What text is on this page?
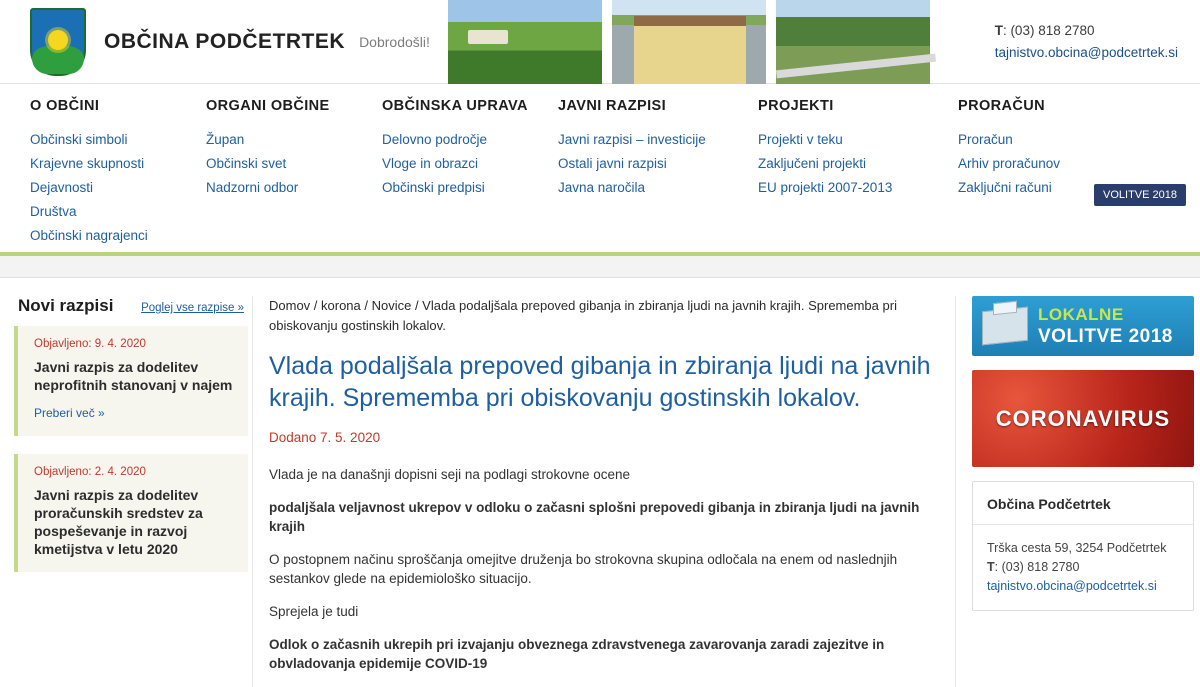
OBČINA PODČETRTEK Dobrodošli!
T: (03) 818 2780
tajnistvo.obcina@podcetrtek.si
O OBČINI
Občinski simboli
Krajevne skupnosti
Dejavnosti
Društva
Občinski nagrajenci
ORGANI OBČINE
Župan
Občinski svet
Nadzorni odbor
OBČINSKA UPRAVA
Delovno področje
Vloge in obrazci
Občinski predpisi
JAVNI RAZPISI
Javni razpisi – investicije
Ostali javni razpisi
Javna naročila
PROJEKTI
Projekti v teku
Zaključeni projekti
EU projekti 2007-2013
PRORAČUN
Proračun
Arhiv proračunov
Zaključni računi	VOLITVE 2018
Novi razpisi Poglej vse razpise »
Objavljeno: 9. 4. 2020
Javni razpis za dodelitev neprofitnih stanovanj v najem
Preberi več »
Objavljeno: 2. 4. 2020
Javni razpis za dodelitev proračunskih sredstev za pospeševanje in razvoj kmetijstva v letu 2020
Domov / korona / Novice / Vlada podaljšala prepoved gibanja in zbiranja ljudi na javnih krajih. Sprememba pri obiskovanju gostinskih lokalov.
Vlada podaljšala prepoved gibanja in zbiranja ljudi na javnih krajih. Sprememba pri obiskovanju gostinskih lokalov.
Dodano 7. 5. 2020

Vlada je na današnji dopisni seji na podlagi strokovne ocene

podaljšala veljavnost ukrepov v odloku o začasni splošni prepovedi gibanja in zbiranja ljudi na javnih krajih

O postopnem načinu sproščanja omejitve druženja bo strokovna skupina odločala na enem od naslednjih sestankov glede na epidemiološko situacijo.

Sprejela je tudi

Odlok o začasnih ukrepih pri izvajanju obveznega zdravstvenega zavarovanja zaradi zajezitve in obvladovanja epidemije COVID-19

LOKALNE
VOLITVE 2018
CORONAVIRUS
Občina Podčetrtek
Trška cesta 59, 3254 Podčetrtek
T: (03) 818 2780
tajnistvo.obcina@podcetrtek.si
